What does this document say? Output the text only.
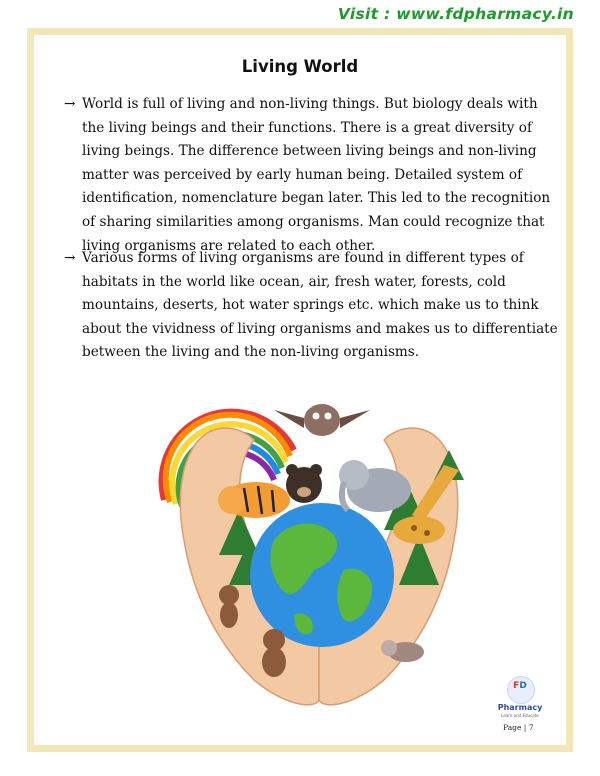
Visit : www.fdpharmacy.in
Living World
→ World is full of living and non-living things. But biology deals with the living beings and their functions. There is a great diversity of living beings. The difference between living beings and non-living matter was perceived by early human being. Detailed system of identification, nomenclature began later. This led to the recognition of sharing similarities among organisms. Man could recognize that living organisms are related to each other.
→ Various forms of living organisms are found in different types of habitats in the world like ocean, air, fresh water, forests, cold mountains, deserts, hot water springs etc. which make us to think about the vividness of living organisms and makes us to differentiate between the living and the non-living organisms.
FD
Pharmacy
Learn and Educate
Page | 7
